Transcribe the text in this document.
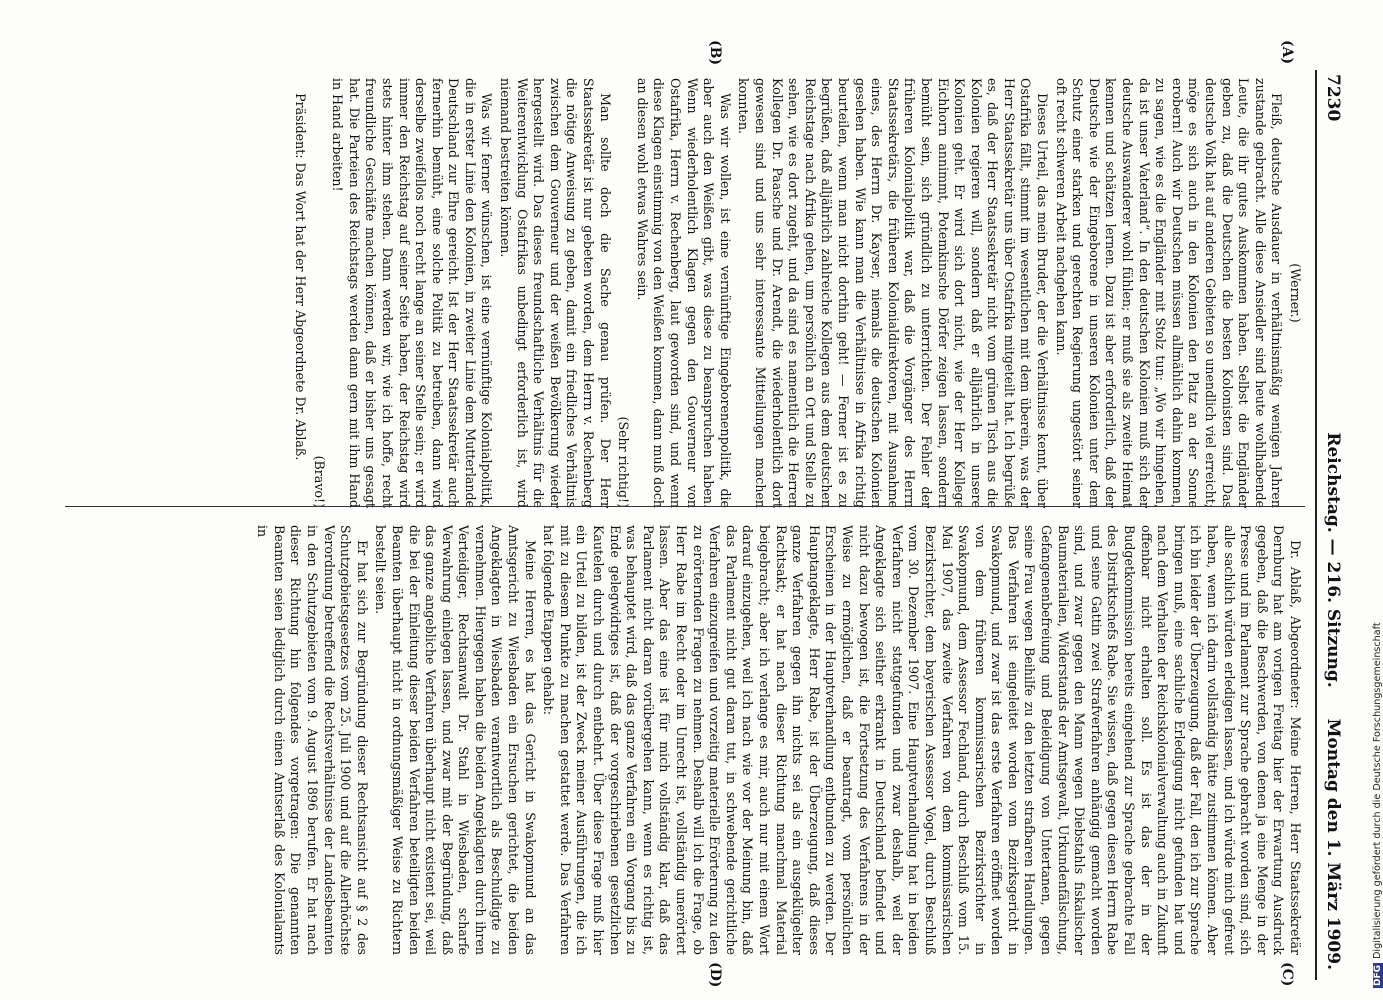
7230
Reichstag. — 216. Sitzung.
Montag den 1. März 1909.
(A)
(B)
(C)
(D)

(Werner.)

Fleiß, deutsche Ausdauer in verhältnismäßig wenigen Jahren zustande gebracht. Alle diese Ansiedler sind heute wohlhabende Leute, die ihr gutes Auskommen haben. Selbst die Engländer geben zu, daß die Deutschen die besten Kolonisten sind. Das deutsche Volk hat auf anderen Gebieten so unendlich viel erreicht; möge es sich auch in den Kolonien den Platz an der Sonne erobern! Auch wir Deutschen müssen allmählich dahin kommen, zu sagen, wie es die Engländer mit Stolz tun: „Wo wir hingehen, da ist unser Vaterland“. In den deutschen Kolonien muß sich der deutsche Auswanderer wohl fühlen; er muß sie als zweite Heimat kennen und schätzen lernen. Dazu ist aber erforderlich, daß der Deutsche wie der Eingeborene in unseren Kolonien unter dem Schutz einer starken und gerechten Regierung ungestört seiner oft recht schweren Arbeit nachgehen kann.

Dieses Urteil, das mein Bruder, der die Verhältnisse kennt, über Ostafrika fällt, stimmt im wesentlichen mit dem überein, was der Herr Staatssekretär uns über Ostafrika mitgeteilt hat. Ich begrüße es, daß der Herr Staatssekretär nicht vom grünen Tisch aus die Kolonien regieren will, sondern daß er alljährlich in unsere Kolonien geht. Er wird sich dort nicht, wie der Herr Kollege Eichhorn annimmt, Potemkinsche Dörfer zeigen lassen, sondern bemüht sein, sich gründlich zu unterrichten. Der Fehler der früheren Kolonialpolitik war, daß die Vorgänger des Herrn Staatssekretärs, die früheren Kolonialdirektoren, mit Ausnahme eines, des Herrn Dr. Kayser, niemals die deutschen Kolonien gesehen haben. Wie kann man die Verhältnisse in Afrika richtig beurteilen, wenn man nicht dorthin geht! — Ferner ist es zu begrüßen, daß alljährlich zahlreiche Kollegen aus dem deutschen Reichstage nach Afrika gehen, um persönlich an Ort und Stelle zu sehen, wie es dort zugeht, und da sind es namentlich die Herren Kollegen Dr. Paasche und Dr. Arendt, die wiederholentlich dort gewesen sind und uns sehr interessante Mitteilungen machen konnten.

Was wir wollen, ist eine vernünftige Eingeborenenpolitik, die aber auch den Weißen gibt, was diese zu beanspruchen haben. Wenn wiederholentlich Klagen gegen den Gouverneur von Ostafrika, Herrn v. Rechenberg, laut geworden sind, und wenn diese Klagen einstimmig von den Weißen kommen, dann muß doch an diesen wohl etwas Wahres sein.

(Sehr richtig!)

Man sollte doch die Sache genau prüfen. Der Herr Staatssekretär ist nur gebeten worden, dem Herrn v. Rechenberg die nötige Anweisung zu geben, damit ein friedliches Verhältnis zwischen dem Gouverneur und der weißen Bevölkerung wieder hergestellt wird. Das dieses freundschaftliche Verhältnis für die Weiterentwicklung Ostafrikas unbedingt erforderlich ist, wird niemand bestreiten können.

Was wir ferner wünschen, ist eine vernünftige Kolonialpolitik, die in erster Linie den Kolonien, in zweiter Linie dem Mutterlande Deutschland zur Ehre gereicht. Ist der Herr Staatssekretär auch fernerhin bemüht, eine solche Politik zu betreiben, dann wird derselbe zweifellos noch recht lange an seiner Stelle sein; er wird immer den Reichstag auf seiner Seite haben, der Reichstag wird stets hinter ihm stehen. Dann werden wir, wie ich hoffe, recht freundliche Geschäfte machen können, daß er bisher uns gesagt hat. Die Parteien des Reichstags werden dann gern mit ihm Hand in Hand arbeiten!

(Bravo!)

Präsident: Das Wort hat der Herr Abgeordnete Dr. Ablaß.

Dr. Ablaß, Abgeordneter: Meine Herren, Herr Staatssekretär Dernburg hat am vorigen Freitag hier der Erwartung Ausdruck gegeben, daß die Beschwerden, von denen ja eine Menge in der Presse und im Parlament zur Sprache gebracht worden sind, sich alle sachlich würden erledigen lassen, und ich würde mich gefreut haben, wenn ich darin vollständig hätte zustimmen können. Aber ich bin leider der Überzeugung, daß der Fall, den ich zur Sprache bringen muß, eine sachliche Erledigung nicht gefunden hat und nach dem Verhalten der Reichskolonialverwaltung auch in Zukunft offenbar nicht erhalten soll. Es ist das der in der Budgetkommission bereits eingehend zur Sprache gebrachte Fall des Distriktschefs Rabe. Sie wissen, daß gegen diesen Herrn Rabe und seine Gattin zwei Strafverfahren anhängig gemacht worden sind, und zwar gegen den Mann wegen Diebstahls fiskalischer Baumaterialien, Widerstands der Amtsgewalt, Urkundenfälschung, Gefangenenbefreiung und Beleidigung von Untertanen, gegen seine Frau wegen Beihilfe zu den letzten strafbaren Handlungen. Das Verfahren ist eingeleitet worden vom Bezirksgericht in Swakopmund, und zwar ist das erste Verfahren eröffnet worden von dem früheren kommissarischen Bezirksrichter in Swakopmund, dem Assessor Fechland, durch Beschluß vom 15. Mai 1907, das zweite Verfahren von dem kommissarischen Bezirksrichter, dem bayerischen Assessor Vogel, durch Beschluß vom 30. Dezember 1907. Eine Hauptverhandlung hat in beiden Verfahren nicht stattgefunden und zwar deshalb, weil der Angeklagte sich seither erkrankt in Deutschland befindet und nicht dazu bewogen ist, die Fortsetzung des Verfahrens in der Weise zu ermöglichen, daß er beantragt, vom persönlichen Erscheinen in der Hauptverhandlung entbunden zu werden. Der Hauptangeklagte, Herr Rabe, ist der Überzeugung, daß dieses ganze Verfahren gegen ihn nichts sei als ein ausgeklügelter Rachtsakt; er hat nach dieser Richtung manchmal Material beigebracht; aber ich verlange es mir, auch nur mit einem Wort darauf einzugehen, weil ich nach wie vor der Meinung bin, daß das Parlament nicht gut daran tut, in schwebende gerichtliche Verfahren einzugreifen und vorzeitig materielle Erörterung zu den zu erörternden Fragen zu nehmen. Deshalb will ich die Frage, ob Herr Rabe im Recht oder im Unrecht ist, vollständig unerörtert lassen. Aber das eine ist für mich vollständig klar, daß das Parlament nicht daran vorübergehen kann, wenn es richtig ist, was behauptet wird, daß das ganze Verfahren ein Vorgang bis zu Ende gelegwidriges ist, daß der vorgeschriebenen gesetzlichen Kautelen durch und durch entbehrt. Über diese Frage muß hier ein Urteil zu bilden, ist der Zweck meiner Ausführungen, die ich mit zu diesem Punkte zu machen gestattet werde. Das Verfahren hat folgende Etappen gehabt:

Meine Herren, es hat das Gericht in Swakopmund an das Amtsgericht zu Wiesbaden ein Ersuchen gerichtet, die beiden Angeklagten in Wiesbaden verantwortlich als Beschuldigte zu vernehmen. Hiergegen haben die beiden Angeklagten durch ihren Verteidiger, Rechtsanwalt Dr. Stahl in Wiesbaden, scharfe Verwahrung einlegen lassen, und zwar mit der Begründung, daß das ganze angebliche Verfahren überhaupt nicht existent sei, weil die bei der Einleitung dieser beiden Verfahren beteiligten beiden Beamten überhaupt nicht in ordnungsmäßiger Weise zu Richtern bestellt seien.

Er hat sich zur Begründung dieser Rechtsansicht auf § 2 des Schutzgebietsgesetzes vom 25. Juli 1900 und auf die Allerhöchste Verordnung betreffend die Rechtsverhältnisse der Landesbeamten in den Schutzgebieten vom 9. August 1896 berufen. Er hat nach dieser Richtung hin folgendes vorgetragen: Die genannten Beamten seien lediglich durch einen Amtserlaß des Kolonialamts in

DFGDigitalisierung gefördert durch die Deutsche Forschungsgemeinschaft
